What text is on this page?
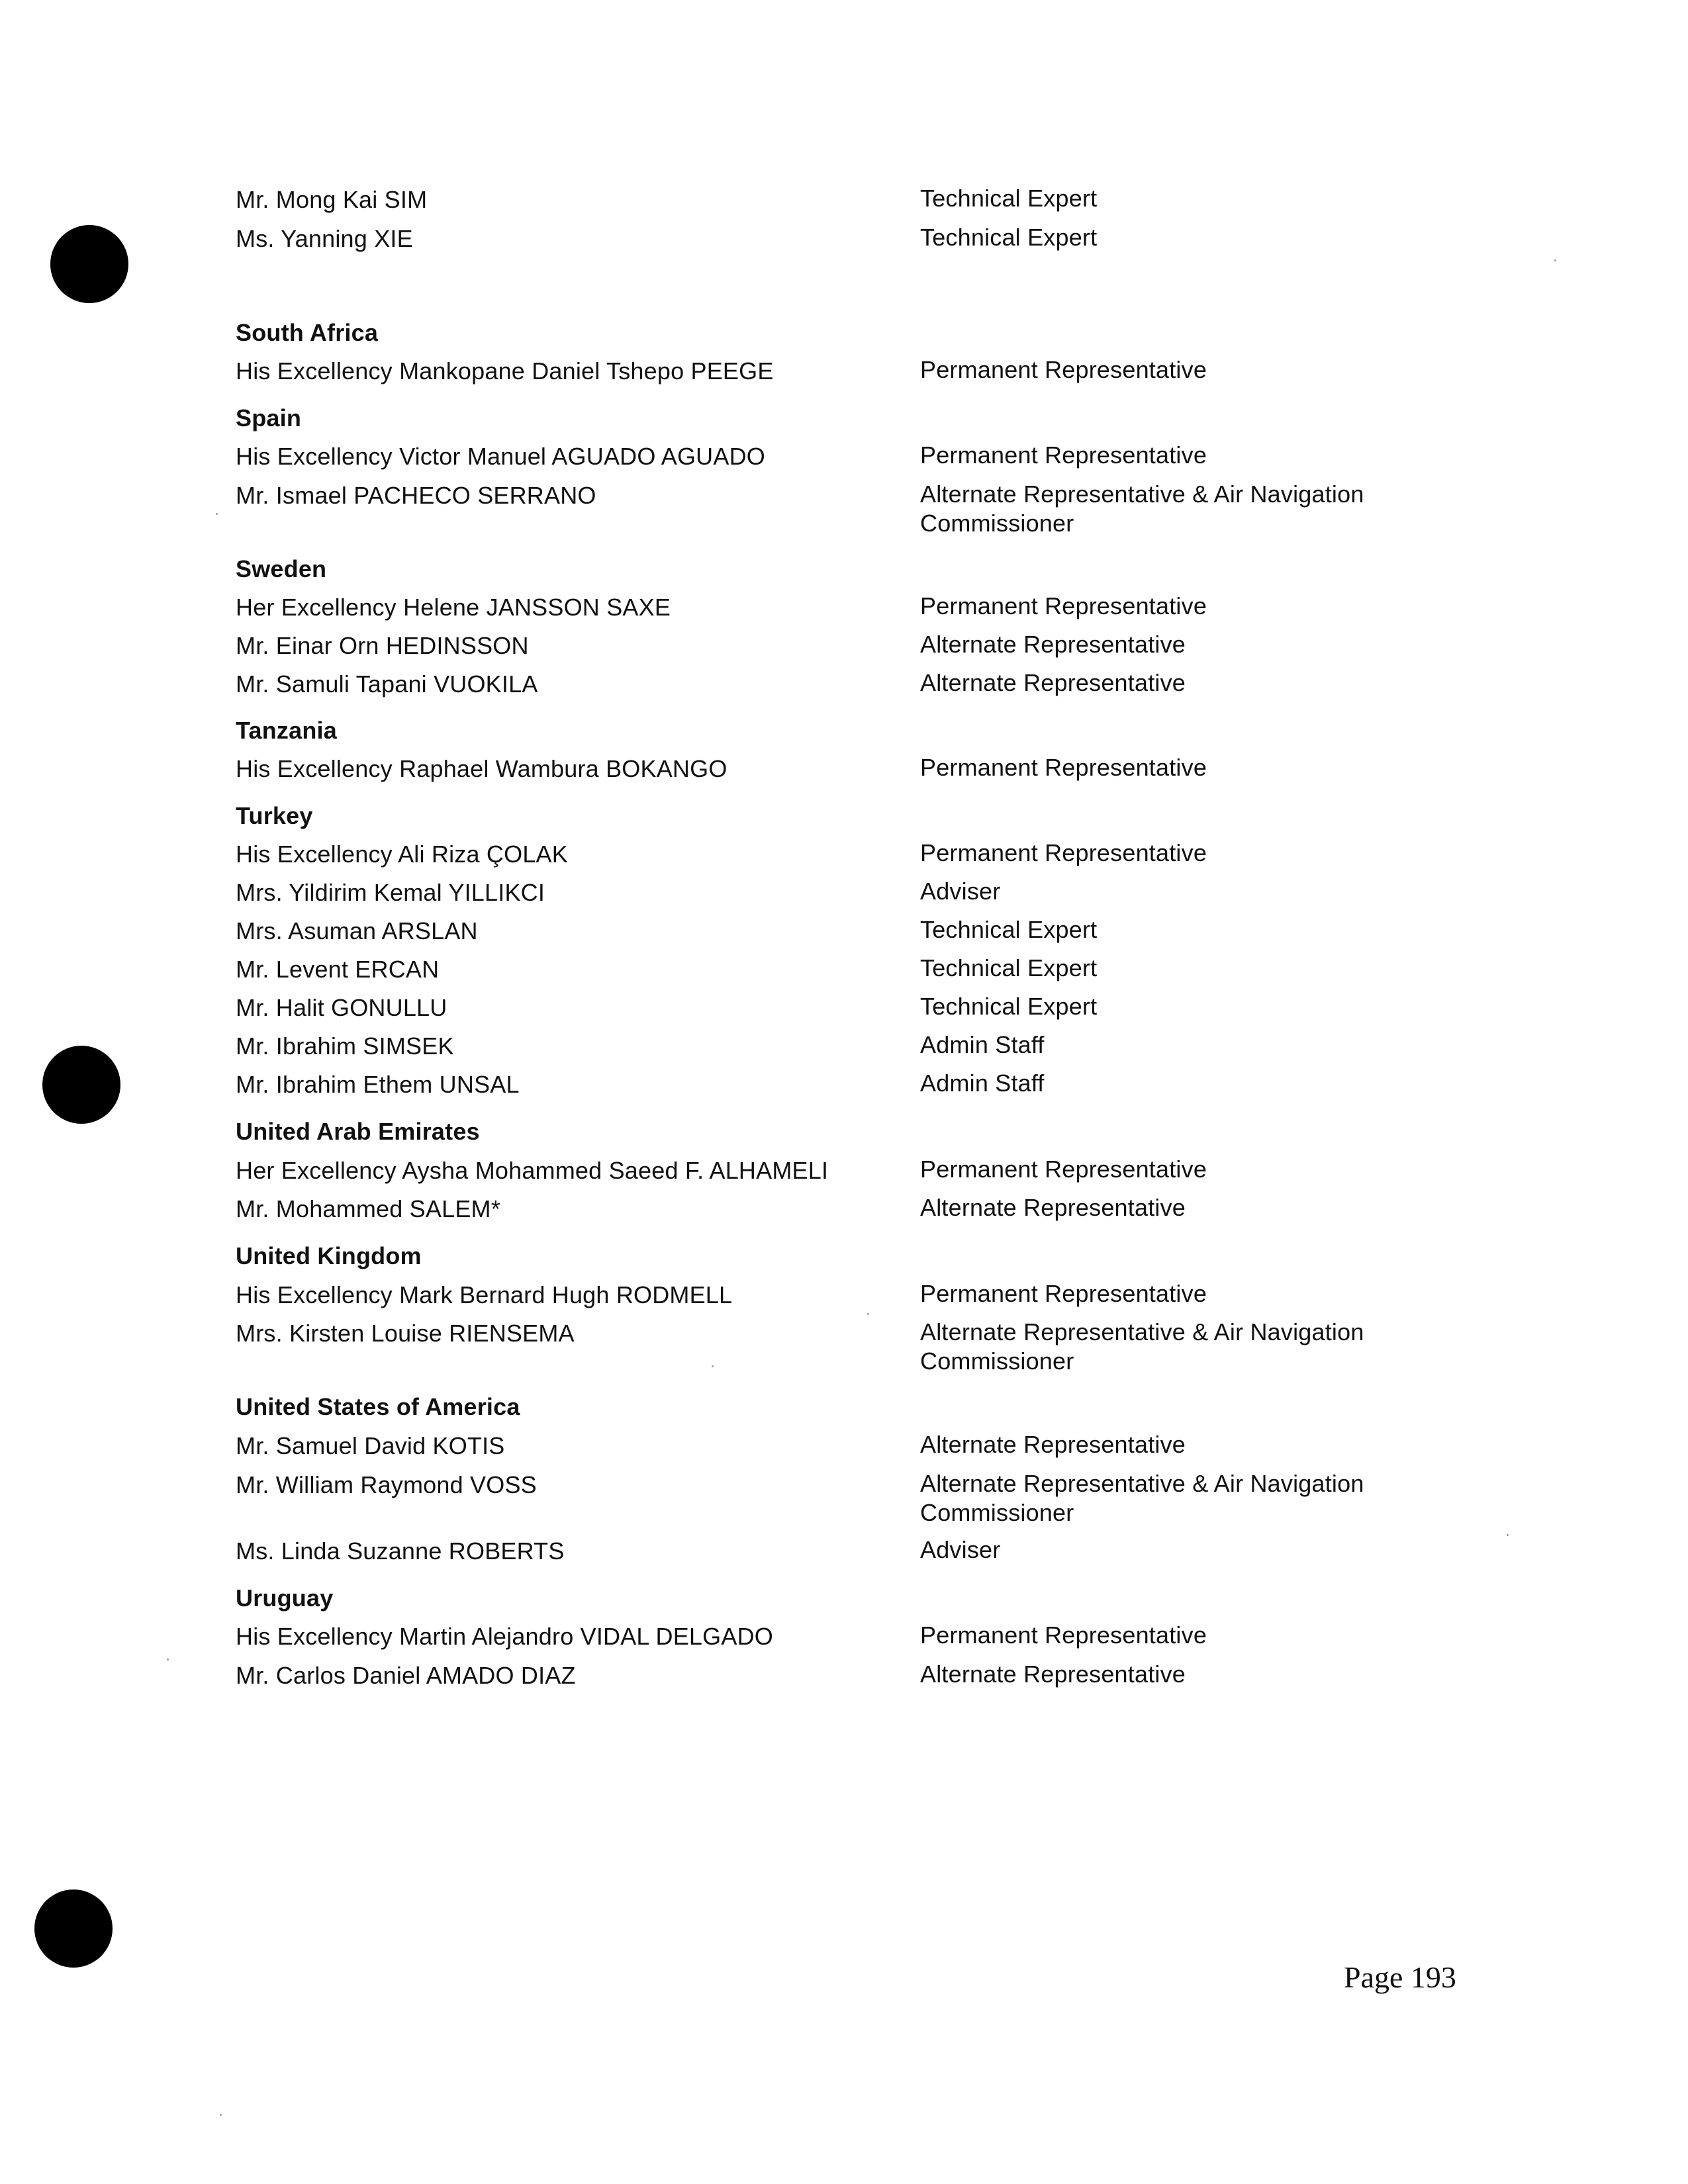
Mr. Mong Kai SIM	Technical Expert
Ms. Yanning XIE	Technical Expert
South Africa
His Excellency Mankopane Daniel Tshepo PEEGE	Permanent Representative
Spain
His Excellency Victor Manuel AGUADO AGUADO	Permanent Representative
Mr. Ismael PACHECO SERRANO	Alternate Representative & Air Navigation
Commissioner
Sweden
Her Excellency Helene JANSSON SAXE	Permanent Representative
Mr. Einar Orn HEDINSSON	Alternate Representative
Mr. Samuli Tapani VUOKILA	Alternate Representative
Tanzania
His Excellency Raphael Wambura BOKANGO	Permanent Representative
Turkey
His Excellency Ali Riza ÇOLAK	Permanent Representative
Mrs. Yildirim Kemal YILLIKCI	Adviser
Mrs. Asuman ARSLAN	Technical Expert
Mr. Levent ERCAN	Technical Expert
Mr. Halit GONULLU	Technical Expert
Mr. Ibrahim SIMSEK	Admin Staff
Mr. Ibrahim Ethem UNSAL	Admin Staff
United Arab Emirates
Her Excellency Aysha Mohammed Saeed F. ALHAMELI	Permanent Representative
Mr. Mohammed SALEM*	Alternate Representative
United Kingdom
His Excellency Mark Bernard Hugh RODMELL	Permanent Representative
Mrs. Kirsten Louise RIENSEMA	Alternate Representative & Air Navigation
Commissioner
United States of America
Mr. Samuel David KOTIS	Alternate Representative
Mr. William Raymond VOSS	Alternate Representative & Air Navigation
Commissioner
Ms. Linda Suzanne ROBERTS	Adviser
Uruguay
His Excellency Martin Alejandro VIDAL DELGADO	Permanent Representative
Mr. Carlos Daniel AMADO DIAZ	Alternate Representative
Page 193
